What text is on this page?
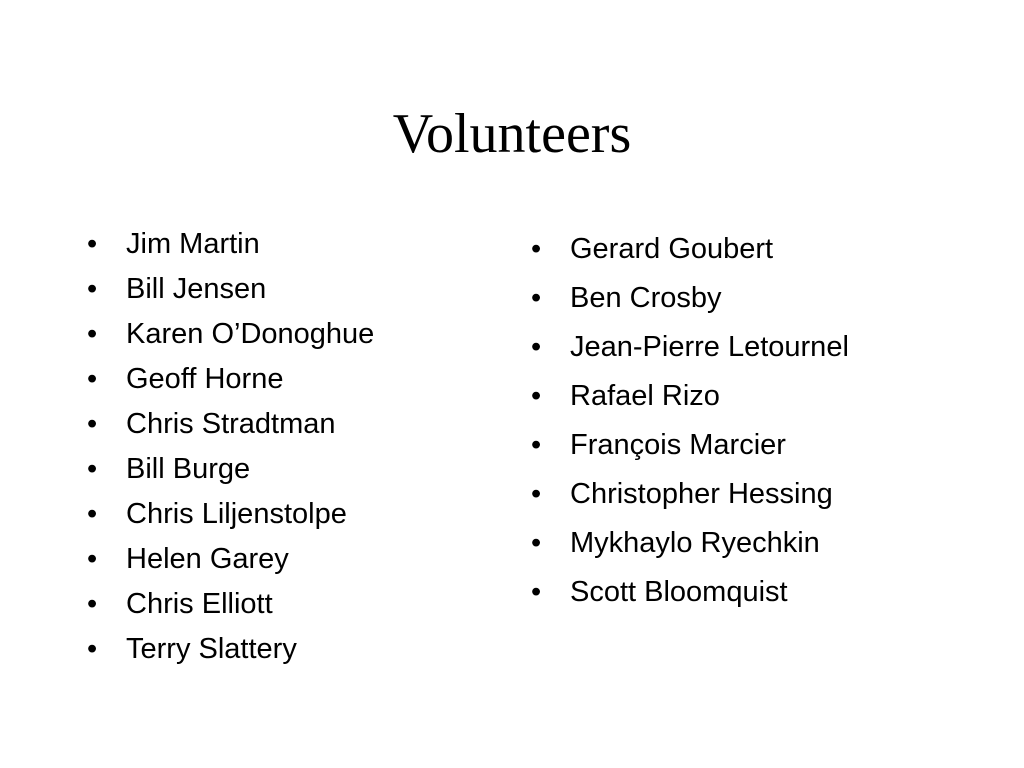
Volunteers
• Jim Martin
• Bill Jensen
• Karen O’Donoghue
• Geoff Horne
• Chris Stradtman
• Bill Burge
• Chris Liljenstolpe
• Helen Garey
• Chris Elliott
• Terry Slattery
• Gerard Goubert
• Ben Crosby
• Jean-Pierre Letournel
• Rafael Rizo
• François Marcier
• Christopher Hessing
• Mykhaylo Ryechkin
• Scott Bloomquist
